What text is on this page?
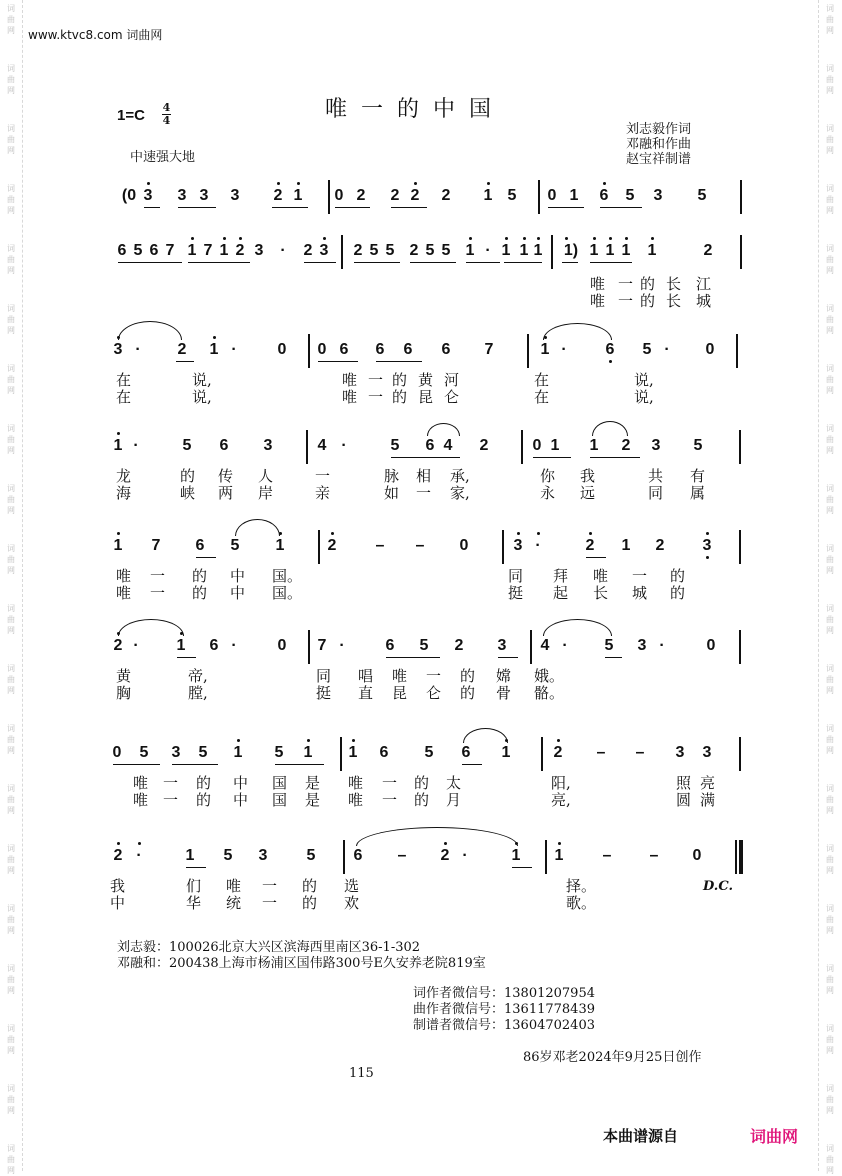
词
曲
网
词
曲
网
词
曲
网
词
曲
网
词
曲
网
词
曲
网
词
曲
网
词
曲
网
词
曲
网
词
曲
网
词
曲
网
词
曲
网
词
曲
网
词
曲
网
词
曲
网
词
曲
网
词
曲
网
词
曲
网
词
曲
网
词
曲
网
词
曲
网
词
曲
网
词
曲
网
词
曲
网
词
曲
网
词
曲
网
词
曲
网
词
曲
网
词
曲
网
词
曲
网
词
曲
网
词
曲
网
词
曲
网
词
曲
网
词
曲
网
词
曲
网
词
曲
网
词
曲
网
词
曲
网
词
曲
网
www.ktvc8.com 词曲网
唯一的中国
1=C 4
4
中速强大地
刘志毅作词
邓融和作曲
赵宝祥制谱
(0 3 3 3 3 2 1 0 2 2 2 2 1 5 0 1 6 5 3 5
6 5 6 7 1 7 1 2 3 · 2 3 2 5 5 2 5 5 1 · 1 1 1 1) 1 1 1 1	2
唯 一 的 长 江
唯 一 的 长 城
3 · 2 1 ·	0 0 6 6 6 6 7	1 · 6 5 · 0
在	说,	唯 一 的 黄 河	在	说,
在	说,	唯 一 的 昆 仑	在	说,
1 ·	5 6 3	4 ·	5 6 4 2	0 1 1 2 3 5
龙	的 传 人	一	脉 相 承,	你 我	共 有
海	峡 两 岸	亲	如 一 家,	永 远	同 属
1 7 6 5 1	2 – – 0	3 ·	2 1 2 3
唯 一 的 中 国。	同 拜 唯 一 的
唯 一 的 中 国。	挺 起 长 城 的
2 · 1 6 ·	0 7 ·	6 5 2 3 4 · 5 3 ·	0
黄	帝,	同 唱 唯 一 的 嫦 娥。
胸	膛,	挺 直 昆 仑 的 骨 骼。
0 5 3 5 1 5 1 1 6 5 6 1	2 – – 3 3
唯 一 的 中 国 是 唯 一 的 太	阳,	照 亮
唯 一 的 中 国 是 唯 一 的 月	亮,	圆 满
2 ·	1 5 3 5 6 – 2 ·	1 1 – – 0
我	们 唯 一 的 选	择。
中	华 统 一 的 欢	歌。
D.C.
刘志毅：100026北京大兴区滨海西里南区36-1-302
邓融和：200438上海市杨浦区国伟路300号E久安养老院819室
词作者微信号：13801207954
曲作者微信号：13611778439
制谱者微信号：13604702403
86岁邓老2024年9月25日创作
115
本曲谱源自	词曲网
